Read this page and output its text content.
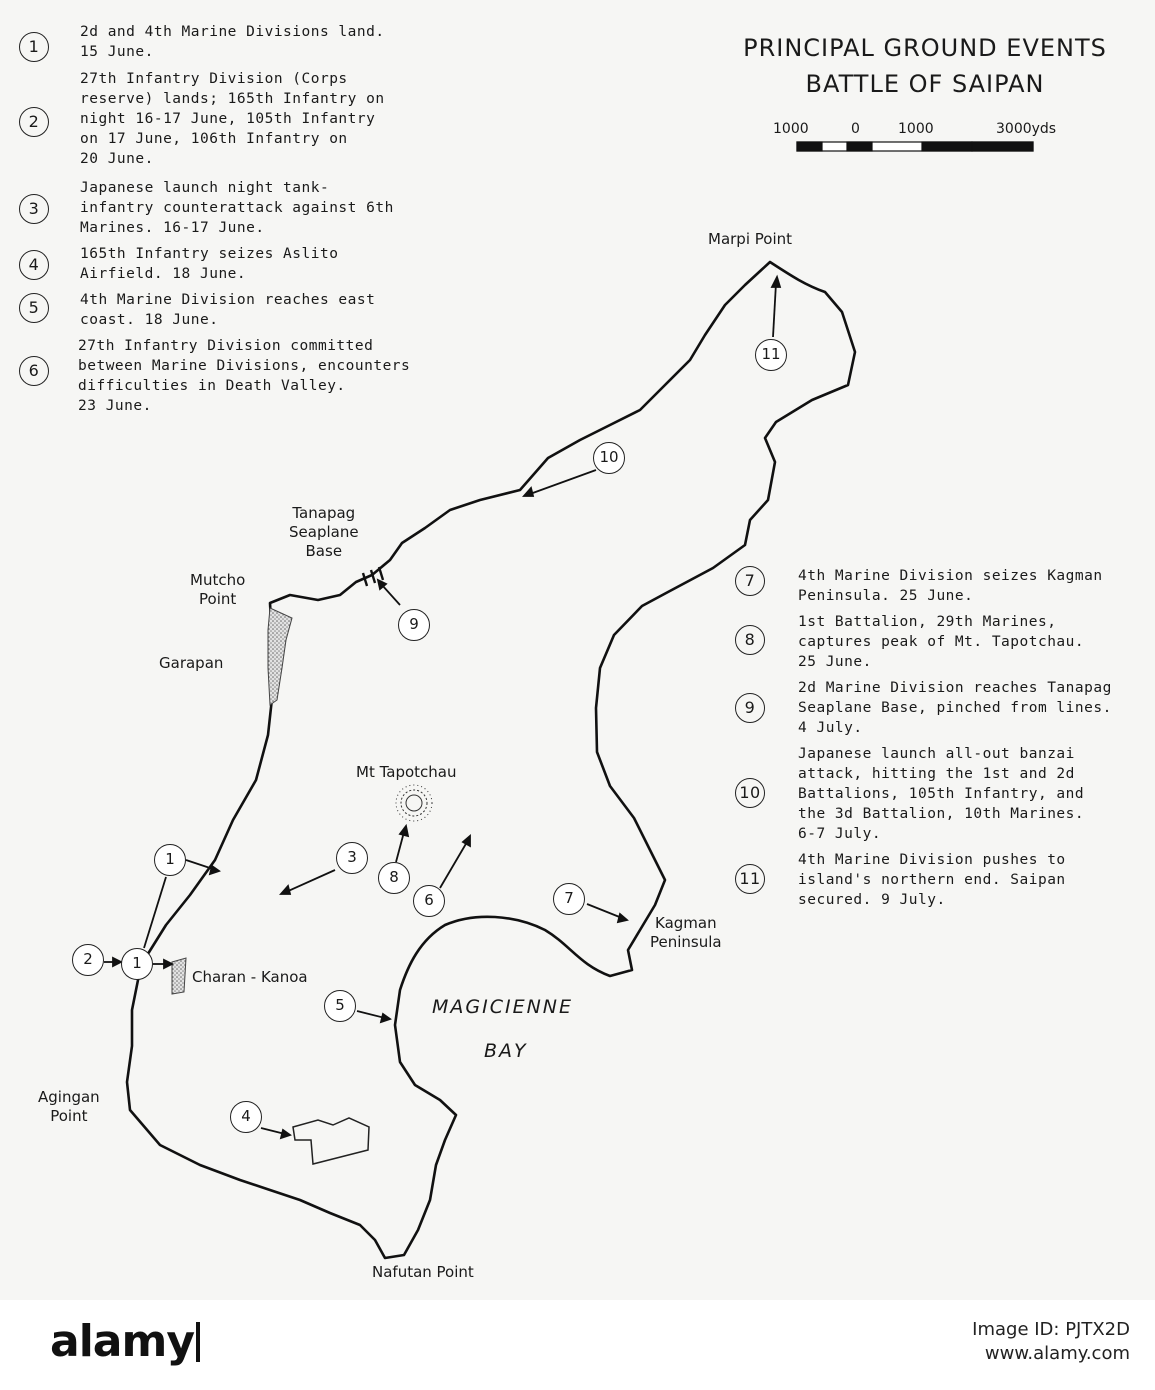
PRINCIPAL GROUND EVENTS
BATTLE OF SAIPAN
1000	0	1000	3000yds
1
2d and 4th Marine Divisions land.
15 June.
2
27th Infantry Division (Corps
reserve) lands; 165th Infantry on
night 16-17 June, 105th Infantry
on 17 June, 106th Infantry on
20 June.
3
Japanese launch night tank-
infantry counterattack against 6th
Marines. 16-17 June.
4
165th Infantry seizes Aslito
Airfield. 18 June.
5	4th Marine Division reaches east
coast. 18 June.
6
27th Infantry Division committed
between Marine Divisions, encounters
difficulties in Death Valley.
23 June.
7	4th Marine Division seizes Kagman
Peninsula. 25 June.
8
1st Battalion, 29th Marines,
captures peak of Mt. Tapotchau.
25 June.
9
2d Marine Division reaches Tanapag
Seaplane Base, pinched from lines.
4 July.
10
Japanese launch all-out banzai
attack, hitting the 1st and 2d
Battalions, 105th Infantry, and
the 3d Battalion, 10th Marines.
6-7 July.
11
4th Marine Division pushes to
island's northern end. Saipan
secured. 9 July.
Marpi Point
Tanapag
Seaplane
Base
Mutcho
Point
Garapan
Mt Tapotchau
Charan - Kanoa
Kagman
Peninsula
Agingan
Point
Nafutan Point
MAGICIENNE
BAY
1
1
2
3
4
5
6	7
8
9
10
11
alamy	Image ID: PJTX2D
www.alamy.com
